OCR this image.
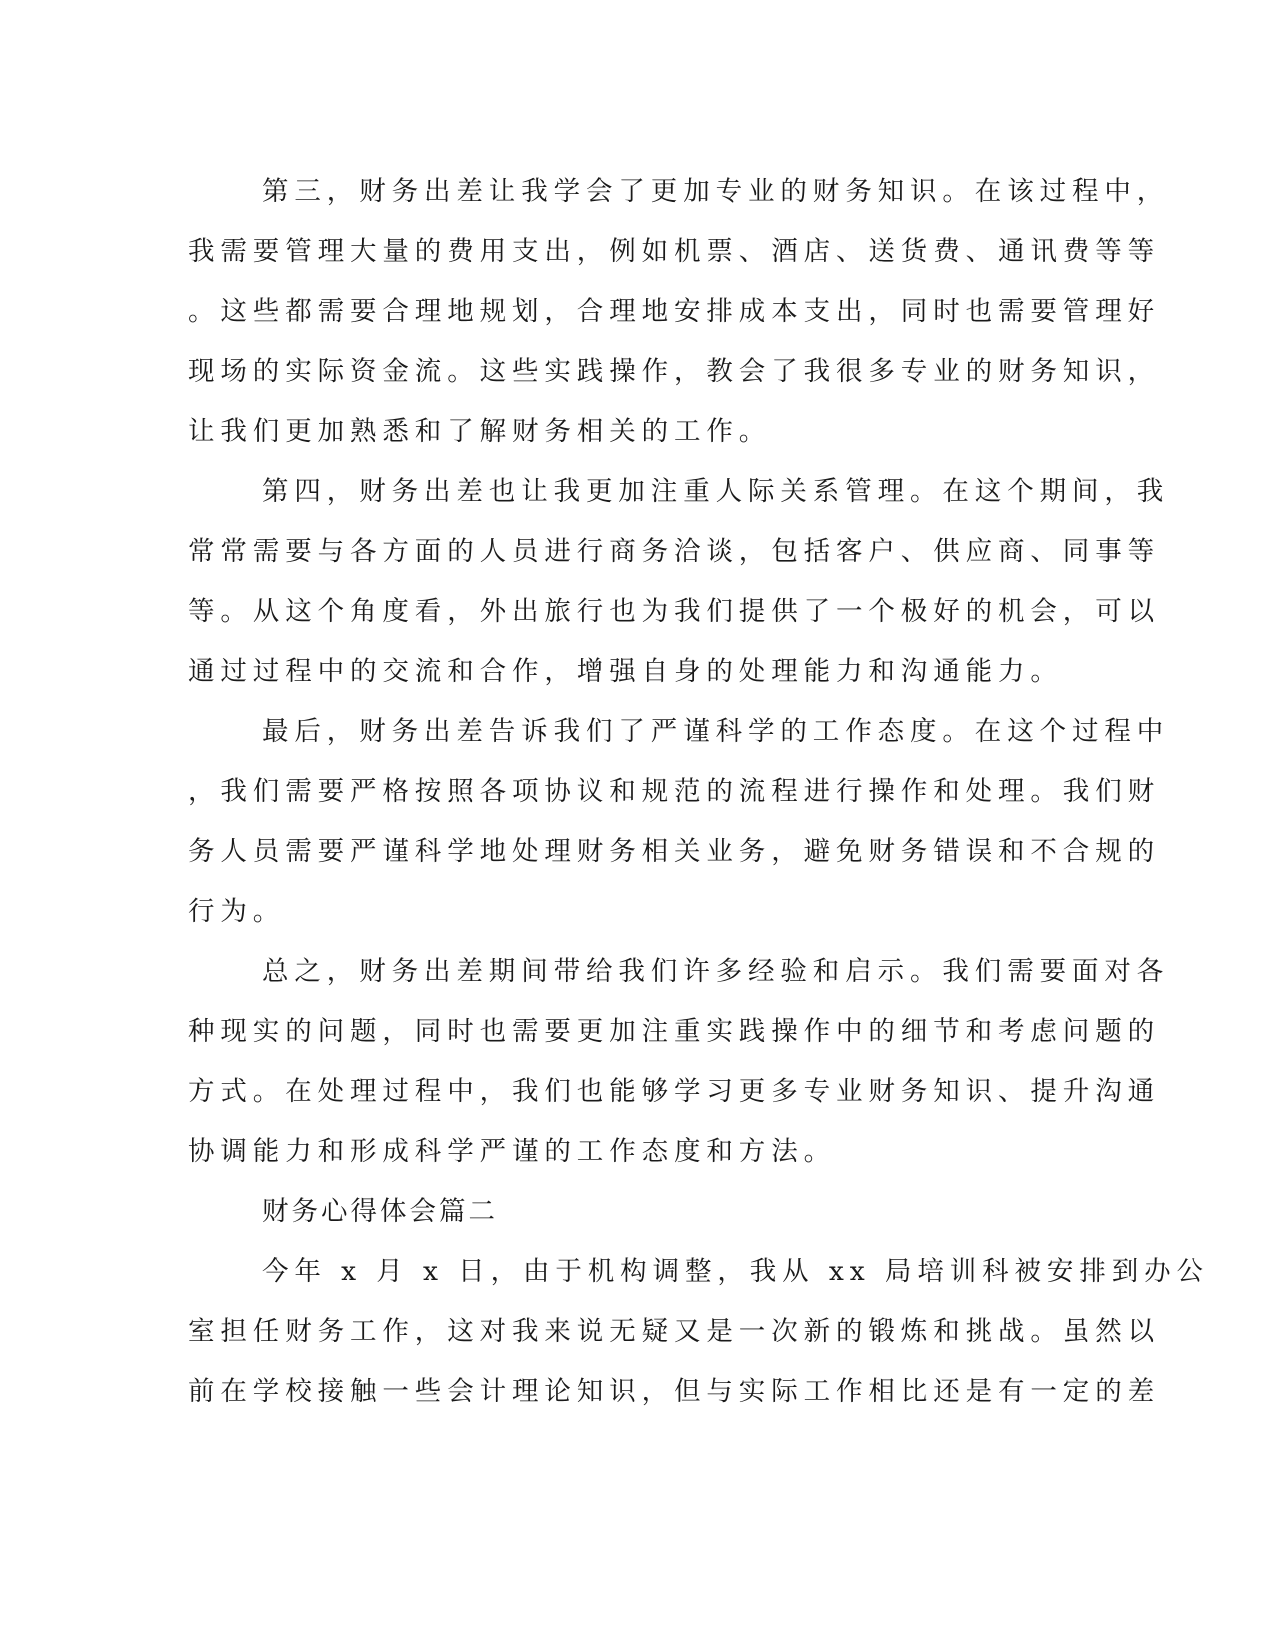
第三，财务出差让我学会了更加专业的财务知识。在该过程中，
我需要管理大量的费用支出，例如机票、酒店、送货费、通讯费等等
。这些都需要合理地规划，合理地安排成本支出，同时也需要管理好
现场的实际资金流。这些实践操作，教会了我很多专业的财务知识，
让我们更加熟悉和了解财务相关的工作。
第四，财务出差也让我更加注重人际关系管理。在这个期间，我
常常需要与各方面的人员进行商务洽谈，包括客户、供应商、同事等
等。从这个角度看，外出旅行也为我们提供了一个极好的机会，可以
通过过程中的交流和合作，增强自身的处理能力和沟通能力。
最后，财务出差告诉我们了严谨科学的工作态度。在这个过程中
，我们需要严格按照各项协议和规范的流程进行操作和处理。我们财
务人员需要严谨科学地处理财务相关业务，避免财务错误和不合规的
行为。
总之，财务出差期间带给我们许多经验和启示。我们需要面对各
种现实的问题，同时也需要更加注重实践操作中的细节和考虑问题的
方式。在处理过程中，我们也能够学习更多专业财务知识、提升沟通
协调能力和形成科学严谨的工作态度和方法。
财务心得体会篇二
今年 x 月 x 日，由于机构调整，我从 xx 局培训科被安排到办公
室担任财务工作，这对我来说无疑又是一次新的锻炼和挑战。虽然以
前在学校接触一些会计理论知识，但与实际工作相比还是有一定的差
